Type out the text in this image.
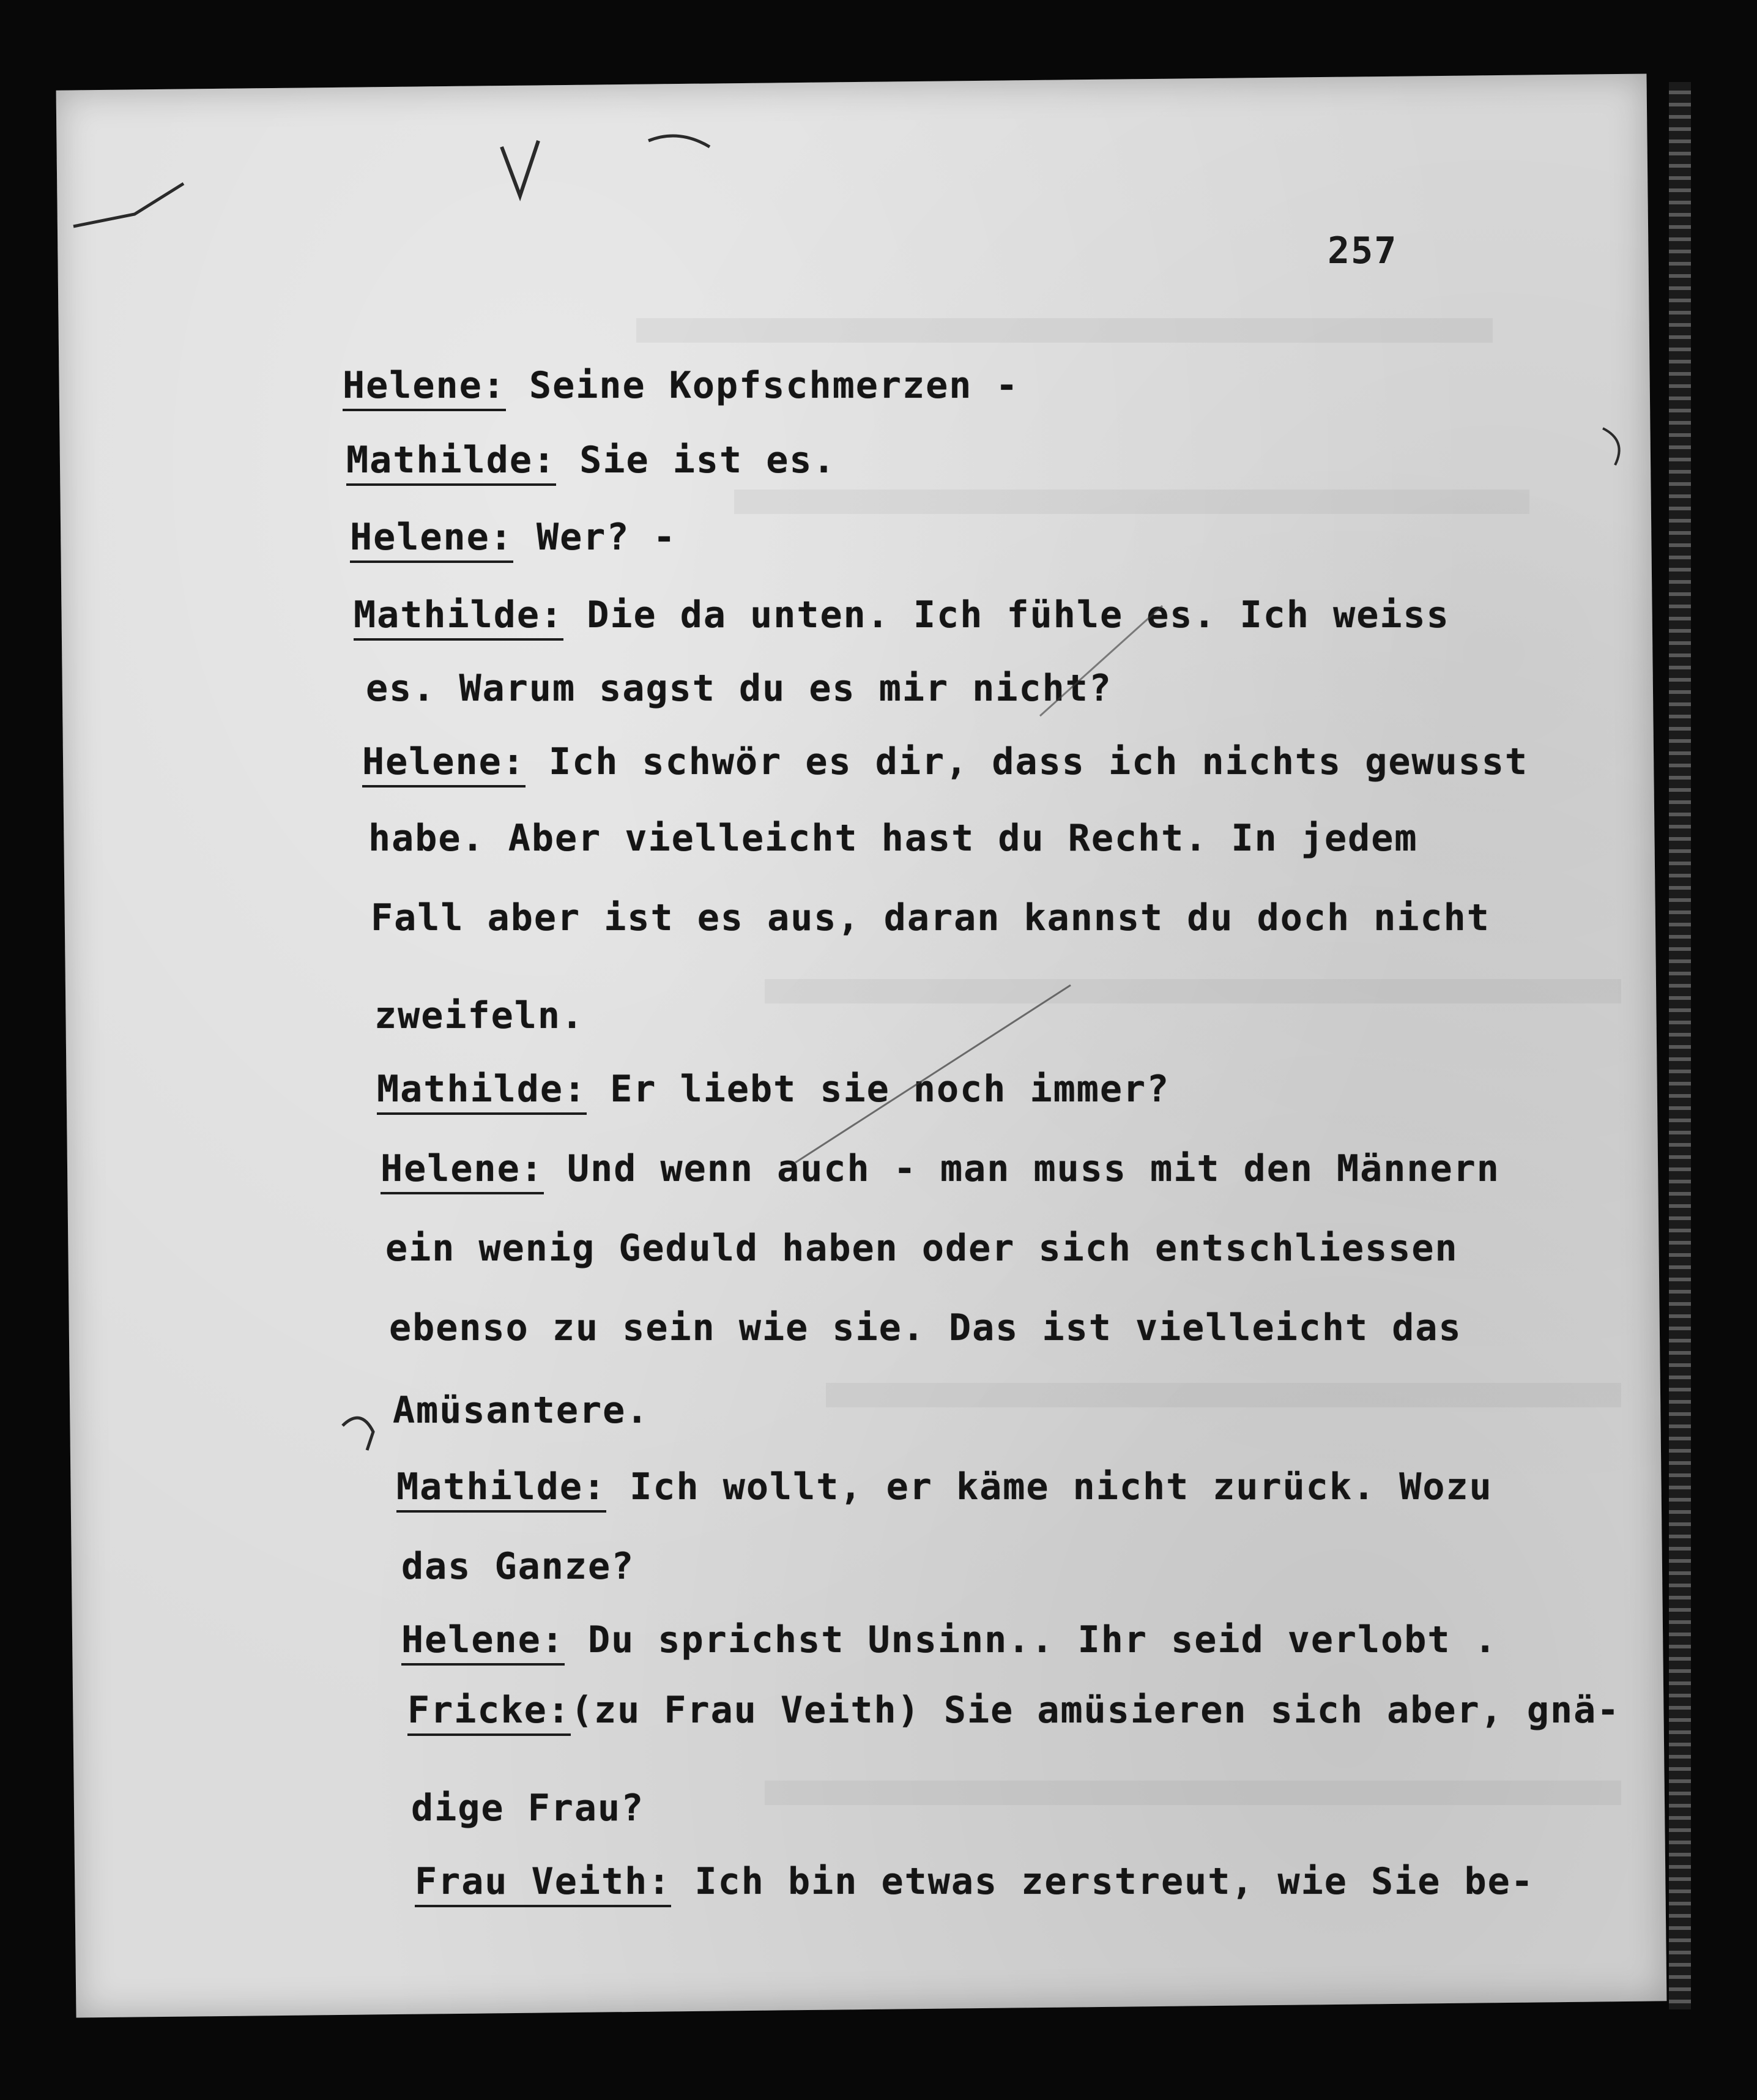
257
Helene: Seine Kopfschmerzen -
Mathilde: Sie ist es.
Helene: Wer? -
Mathilde: Die da unten. Ich fühle es. Ich weiss
es. Warum sagst du es mir nicht?
Helene: Ich schwör es dir, dass ich nichts gewusst
habe. Aber vielleicht hast du Recht. In jedem
Fall aber ist es aus, daran kannst du doch nicht
zweifeln.
Mathilde: Er liebt sie noch immer?
Helene: Und wenn auch - man muss mit den Männern
ein wenig Geduld haben oder sich entschliessen
ebenso zu sein wie sie. Das ist vielleicht das
Amüsantere.
Mathilde: Ich wollt, er käme nicht zurück. Wozu
das Ganze?
Helene: Du sprichst Unsinn.. Ihr seid verlobt .
Fricke:(zu Frau Veith) Sie amüsieren sich aber, gnä-
dige Frau?
Frau Veith: Ich bin etwas zerstreut, wie Sie be-
